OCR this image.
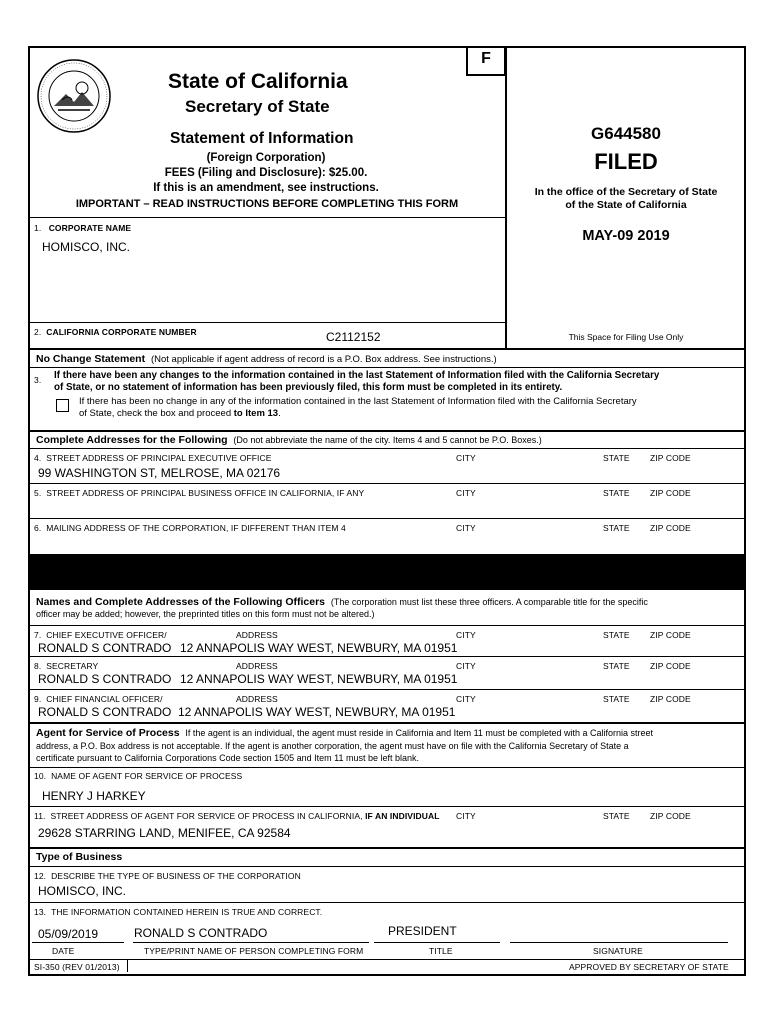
F
State of California
Secretary of State
Statement of Information
(Foreign Corporation)
FEES (Filing and Disclosure): $25.00.
If this is an amendment, see instructions.
IMPORTANT – READ INSTRUCTIONS BEFORE COMPLETING THIS FORM
G644580
FILED
In the office of the Secretary of State
of the State of California
MAY-09 2019
This Space for Filing Use Only
1. CORPORATE NAME
HOMISCO, INC.
2. CALIFORNIA CORPORATE NUMBER	C2112152
No Change Statement (Not applicable if agent address of record is a P.O. Box address. See instructions.)
3. If there have been any changes to the information contained in the last Statement of Information filed with the California Secretary
of State, or no statement of information has been previously filed, this form must be completed in its entirety.
If there has been no change in any of the information contained in the last Statement of Information filed with the California Secretary
of State, check the box and proceed to Item 13.
Complete Addresses for the Following (Do not abbreviate the name of the city. Items 4 and 5 cannot be P.O. Boxes.)
4. STREET ADDRESS OF PRINCIPAL EXECUTIVE OFFICE	CITY	STATE ZIP CODE
99 WASHINGTON ST, MELROSE, MA 02176
5. STREET ADDRESS OF PRINCIPAL BUSINESS OFFICE IN CALIFORNIA, IF ANY	CITY	STATE ZIP CODE
6. MAILING ADDRESS OF THE CORPORATION, IF DIFFERENT THAN ITEM 4	CITY	STATE ZIP CODE
Names and Complete Addresses of the Following Officers (The corporation must list these three officers. A comparable title for the specific
officer may be added; however, the preprinted titles on this form must not be altered.)
7. CHIEF EXECUTIVE OFFICER/	ADDRESS	CITY	STATE ZIP CODE
RONALD S CONTRADO 12 ANNAPOLIS WAY WEST, NEWBURY, MA 01951
8. SECRETARY	ADDRESS	CITY	STATE ZIP CODE
RONALD S CONTRADO 12 ANNAPOLIS WAY WEST, NEWBURY, MA 01951
9. CHIEF FINANCIAL OFFICER/	ADDRESS	CITY	STATE ZIP CODE
RONALD S CONTRADO 12 ANNAPOLIS WAY WEST, NEWBURY, MA 01951
Agent for Service of Process If the agent is an individual, the agent must reside in California and Item 11 must be completed with a California street
address, a P.O. Box address is not acceptable. If the agent is another corporation, the agent must have on file with the California Secretary of State a
certificate pursuant to California Corporations Code section 1505 and Item 11 must be left blank.
10. NAME OF AGENT FOR SERVICE OF PROCESS
HENRY J HARKEY
11. STREET ADDRESS OF AGENT FOR SERVICE OF PROCESS IN CALIFORNIA, IF AN INDIVIDUAL CITY	STATE ZIP CODE
29628 STARRING LAND, MENIFEE, CA 92584
Type of Business
12. DESCRIBE THE TYPE OF BUSINESS OF THE CORPORATION
HOMISCO, INC.
13. THE INFORMATION CONTAINED HEREIN IS TRUE AND CORRECT.
05/09/2019	RONALD S CONTRADO	PRESIDENT
DATE	TYPE/PRINT NAME OF PERSON COMPLETING FORM	TITLE	SIGNATURE
SI-350 (REV 01/2013)	APPROVED BY SECRETARY OF STATE
